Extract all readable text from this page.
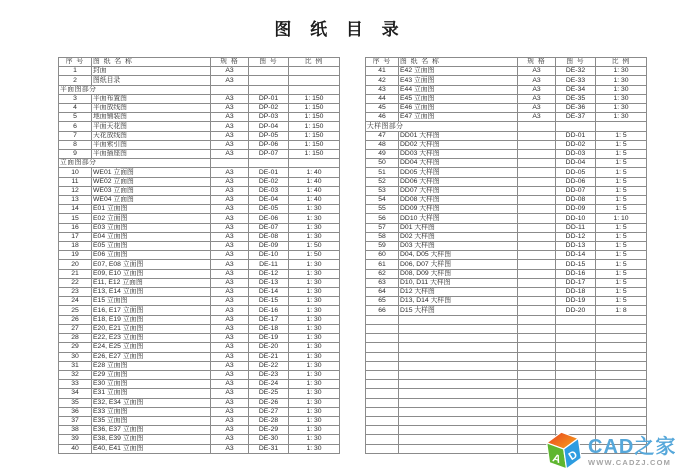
图 纸 目 录
序 号	图 纸 名 称	规 格	图 号	比 例
1	封面	A3		
2	图纸目录	A3		
平面图部分				
3	平面布置图	A3	DP-01	1: 150
4	平面放线图	A3	DP-02	1: 150
5	地面铺装图	A3	DP-03	1: 150
6	平面天花图	A3	DP-04	1: 150
7	天花放线图	A3	DP-05	1: 150
8	平面索引图	A3	DP-06	1: 150
9	平面插座图	A3	DP-07	1: 150
立面图部分				
10	WE01 立面图	A3	DE-01	1: 40
11	WE02 立面图	A3	DE-02	1: 40
12	WE03 立面图	A3	DE-03	1: 40
13	WE04 立面图	A3	DE-04	1: 40
14	E01 立面图	A3	DE-05	1: 30
15	E02 立面图	A3	DE-06	1: 30
16	E03 立面图	A3	DE-07	1: 30
17	E04 立面图	A3	DE-08	1: 30
18	E05 立面图	A3	DE-09	1: 50
19	E06 立面图	A3	DE-10	1: 50
20	E07, E08 立面图	A3	DE-11	1: 30
21	E09, E10 立面图	A3	DE-12	1: 30
22	E11, E12 立面图	A3	DE-13	1: 30
23	E13, E14 立面图	A3	DE-14	1: 30
24	E15 立面图	A3	DE-15	1: 30
25	E16, E17 立面图	A3	DE-16	1: 30
26	E18, E19 立面图	A3	DE-17	1: 30
27	E20, E21 立面图	A3	DE-18	1: 30
28	E22, E23 立面图	A3	DE-19	1: 30
29	E24, E25 立面图	A3	DE-20	1: 30
30	E26, E27 立面图	A3	DE-21	1: 30
31	E28 立面图	A3	DE-22	1: 30
32	E29 立面图	A3	DE-23	1: 30
33	E30 立面图	A3	DE-24	1: 30
34	E31 立面图	A3	DE-25	1: 30
35	E32, E34 立面图	A3	DE-26	1: 30
36	E33 立面图	A3	DE-27	1: 30
37	E35 立面图	A3	DE-28	1: 30
38	E36, E37 立面图	A3	DE-29	1: 30
39	E38, E39 立面图	A3	DE-30	1: 30
40	E40, E41 立面图	A3	DE-31	1: 30
序 号	图 纸 名 称	规 格	图 号	比 例
41	E42 立面图	A3	DE-32	1: 30
42	E43 立面图	A3	DE-33	1: 30
43	E44 立面图	A3	DE-34	1: 30
44	E45 立面图	A3	DE-35	1: 30
45	E46 立面图	A3	DE-36	1: 30
46	E47 立面图	A3	DE-37	1: 30
大样图部分				
47	DD01 大样图		DD-01	1: 5
48	DD02 大样图		DD-02	1: 5
49	DD03 大样图		DD-03	1: 5
50	DD04 大样图		DD-04	1: 5
51	DD05 大样图		DD-05	1: 5
52	DD06 大样图		DD-06	1: 5
53	DD07 大样图		DD-07	1: 5
54	DD08 大样图		DD-08	1: 5
55	DD09 大样图		DD-09	1: 5
56	DD10 大样图		DD-10	1: 10
57	D01 大样图		DD-11	1: 5
58	D02 大样图		DD-12	1: 5
59	D03 大样图		DD-13	1: 5
60	D04, D05 大样图		DD-14	1: 5
61	D06, D07 大样图		DD-15	1: 5
62	D08, D09 大样图		DD-16	1: 5
63	D10, D11 大样图		DD-17	1: 5
64	D12 大样图		DD-18	1: 5
65	D13, D14 大样图		DD-19	1: 5
66	D15 大样图		DD-20	1: 8

A D CAD之家
WWW.CADZJ.COM
